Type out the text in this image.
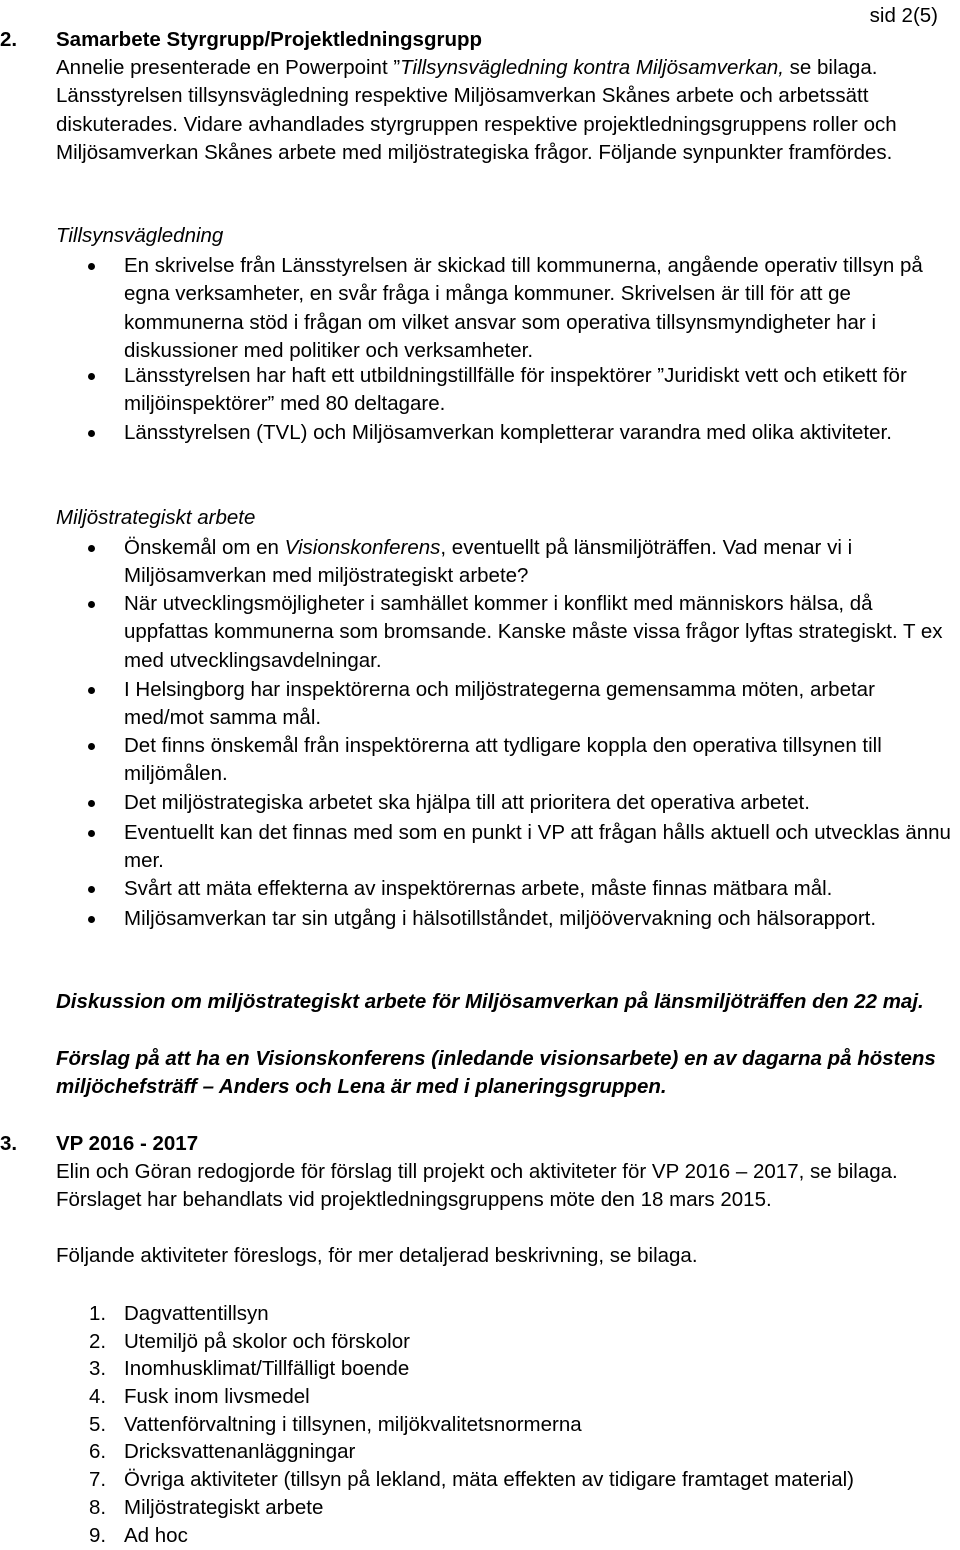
sid 2(5)
2. Samarbete Styrgrupp/Projektledningsgrupp
Annelie presenterade en Powerpoint ”Tillsynsvägledning kontra Miljösamverkan, se bilaga. Länsstyrelsen tillsynsvägledning respektive Miljösamverkan Skånes arbete och arbetssätt diskuterades. Vidare avhandlades styrgruppen respektive projektledningsgruppens roller och Miljösamverkan Skånes arbete med miljöstrategiska frågor. Följande synpunkter framfördes.
Tillsynsvägledning
En skrivelse från Länsstyrelsen är skickad till kommunerna, angående operativ tillsyn på egna verksamheter, en svår fråga i många kommuner. Skrivelsen är till för att ge kommunerna stöd i frågan om vilket ansvar som operativa tillsynsmyndigheter har i diskussioner med politiker och verksamheter.
Länsstyrelsen har haft ett utbildningstillfälle för inspektörer ”Juridiskt vett och etikett för miljöinspektörer” med 80 deltagare.
Länsstyrelsen (TVL) och Miljösamverkan kompletterar varandra med olika aktiviteter.
Miljöstrategiskt arbete
Önskemål om en Visionskonferens, eventuellt på länsmiljöträffen. Vad menar vi i Miljösamverkan med miljöstrategiskt arbete?
När utvecklingsmöjligheter i samhället kommer i konflikt med människors hälsa, då uppfattas kommunerna som bromsande. Kanske måste vissa frågor lyftas strategiskt. T ex med utvecklingsavdelningar.
I Helsingborg har inspektörerna och miljöstrategerna gemensamma möten, arbetar med/mot samma mål.
Det finns önskemål från inspektörerna att tydligare koppla den operativa tillsynen till miljömålen.
Det miljöstrategiska arbetet ska hjälpa till att prioritera det operativa arbetet.
Eventuellt kan det finnas med som en punkt i VP att frågan hålls aktuell och utvecklas ännu mer.
Svårt att mäta effekterna av inspektörernas arbete, måste finnas mätbara mål.
Miljösamverkan tar sin utgång i hälsotillståndet, miljöövervakning och hälsorapport.
Diskussion om miljöstrategiskt arbete för Miljösamverkan på länsmiljöträffen den 22 maj.
Förslag på att ha en Visionskonferens (inledande visionsarbete) en av dagarna på höstens miljöchefsträff – Anders och Lena är med i planeringsgruppen.
3. VP 2016 - 2017
Elin och Göran redogjorde för förslag till projekt och aktiviteter för VP 2016 – 2017, se bilaga. Förslaget har behandlats vid projektledningsgruppens möte den 18 mars 2015.
Följande aktiviteter föreslogs, för mer detaljerad beskrivning, se bilaga.
1. Dagvattentillsyn
2. Utemiljö på skolor och förskolor
3. Inomhusklimat/Tillfälligt boende
4. Fusk inom livsmedel
5. Vattenförvaltning i tillsynen, miljökvalitetsnormerna
6. Dricksvattenanläggningar
7. Övriga aktiviteter (tillsyn på lekland, mäta effekten av tidigare framtaget material)
8. Miljöstrategiskt arbete
9. Ad hoc
